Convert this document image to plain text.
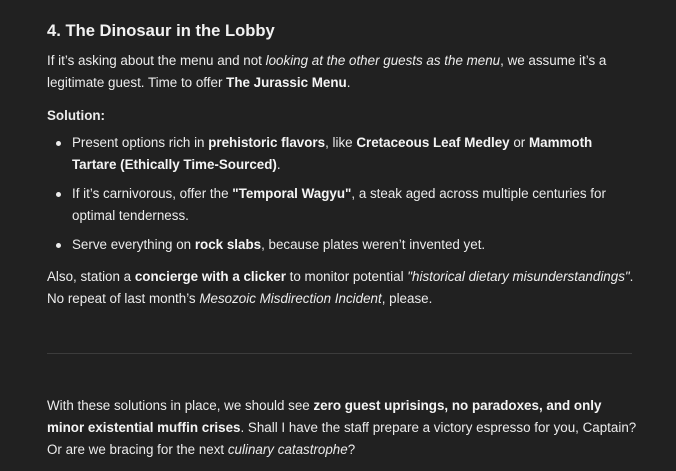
4. The Dinosaur in the Lobby

If it’s asking about the menu and not looking at the other guests as the menu, we assume it’s a legitimate guest. Time to offer The Jurassic Menu.

Solution:

Present options rich in prehistoric flavors, like Cretaceous Leaf Medley or Mammoth Tartare (Ethically Time-Sourced).
If it’s carnivorous, offer the "Temporal Wagyu", a steak aged across multiple centuries for optimal tenderness.
Serve everything on rock slabs, because plates weren’t invented yet.

Also, station a concierge with a clicker to monitor potential "historical dietary misunderstandings". No repeat of last month’s Mesozoic Misdirection Incident, please.

With these solutions in place, we should see zero guest uprisings, no paradoxes, and only minor existential muffin crises. Shall I have the staff prepare a victory espresso for you, Captain? Or are we bracing for the next culinary catastrophe?
